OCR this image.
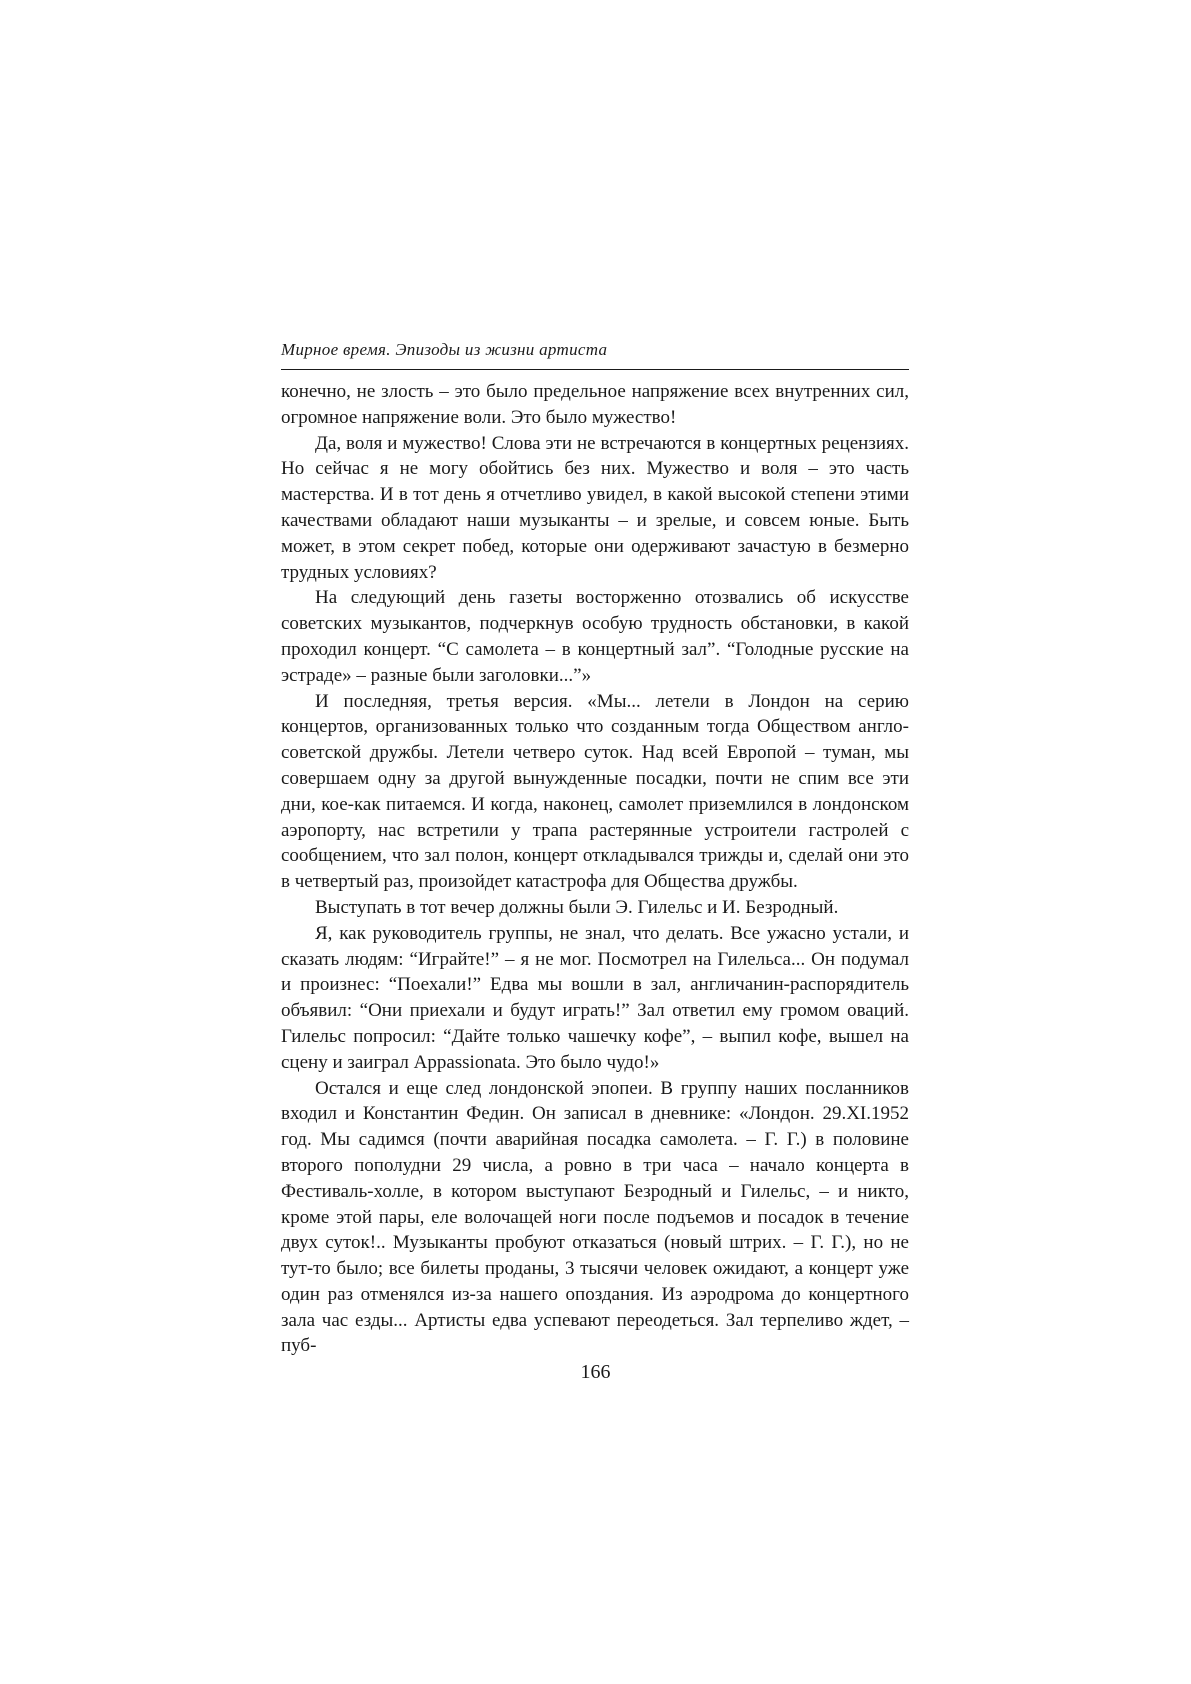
Мирное время. Эпизоды из жизни артиста

конечно, не злость – это было предельное напряжение всех внутренних сил, огромное напряжение воли. Это было мужество!

Да, воля и мужество! Слова эти не встречаются в концертных рецензиях. Но сейчас я не могу обойтись без них. Мужество и воля – это часть мастерства. И в тот день я отчетливо увидел, в какой высокой степени этими качествами обладают наши музыканты – и зрелые, и совсем юные. Быть может, в этом секрет побед, которые они одерживают зачастую в безмерно трудных условиях?

На следующий день газеты восторженно отозвались об искусстве советских музыкантов, подчеркнув особую трудность обстановки, в какой проходил концерт. “С самолета – в концертный зал”. “Голодные русские на эстраде» – разные были заголовки...”»

И последняя, третья версия. «Мы... летели в Лондон на серию концертов, организованных только что созданным тогда Обществом англо-советской дружбы. Летели четверо суток. Над всей Европой – туман, мы совершаем одну за другой вынужденные посадки, почти не спим все эти дни, кое-как питаемся. И когда, наконец, самолет приземлился в лондонском аэропорту, нас встретили у трапа растерянные устроители гастролей с сообщением, что зал полон, концерт откладывался трижды и, сделай они это в четвертый раз, произойдет катастрофа для Общества дружбы.

Выступать в тот вечер должны были Э. Гилельс и И. Безродный.

Я, как руководитель группы, не знал, что делать. Все ужасно устали, и сказать людям: “Играйте!” – я не мог. Посмотрел на Гилельса... Он подумал и произнес: “Поехали!” Едва мы вошли в зал, англичанин-распорядитель объявил: “Они приехали и будут играть!” Зал ответил ему громом оваций. Гилельс попросил: “Дайте только чашечку кофе”, – выпил кофе, вышел на сцену и заиграл Appassionata. Это было чудо!»

Остался и еще след лондонской эпопеи. В группу наших посланников входил и Константин Федин. Он записал в дневнике: «Лондон. 29.XI.1952 год. Мы садимся (почти аварийная посадка самолета. – Г. Г.) в половине второго пополудни 29 числа, а ровно в три часа – начало концерта в Фестиваль-холле, в котором выступают Безродный и Гилельс, – и никто, кроме этой пары, еле волочащей ноги после подъемов и посадок в течение двух суток!.. Музыканты пробуют отказаться (новый штрих. – Г. Г.), но не тут-то было; все билеты проданы, 3 тысячи человек ожидают, а концерт уже один раз отменялся из-за нашего опоздания. Из аэродрома до концертного зала час езды... Артисты едва успевают переодеться. Зал терпеливо ждет, – пуб-

166
